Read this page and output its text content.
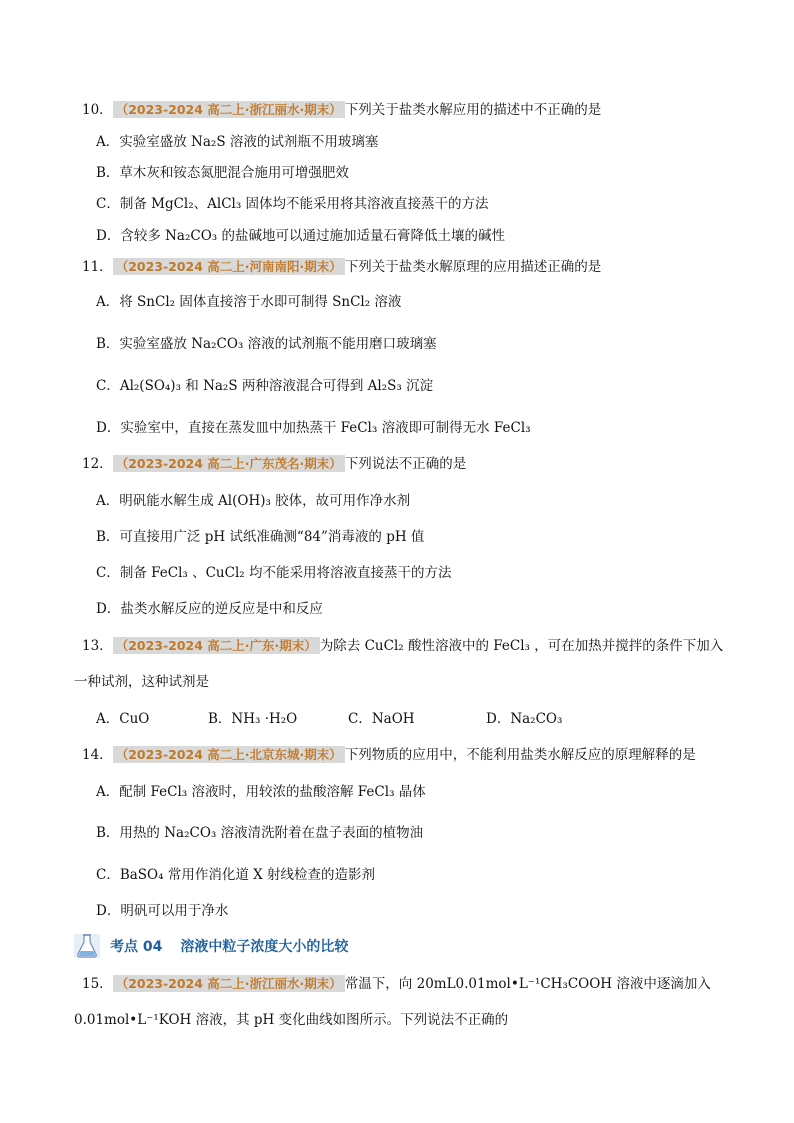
10． （2023-2024 高二上·浙江丽水·期末） 下列关于盐类水解应用的描述中不正确的是
A．实验室盛放 Na₂S 溶液的试剂瓶不用玻璃塞
B．草木灰和铵态氮肥混合施用可增强肥效
C．制备 MgCl₂、AlCl₃ 固体均不能采用将其溶液直接蒸干的方法
D．含较多 Na₂CO₃ 的盐碱地可以通过施加适量石膏降低土壤的碱性
11． （2023-2024 高二上·河南南阳·期末） 下列关于盐类水解原理的应用描述正确的是
A．将 SnCl₂ 固体直接溶于水即可制得 SnCl₂ 溶液
B．实验室盛放 Na₂CO₃ 溶液的试剂瓶不能用磨口玻璃塞
C．Al₂(SO₄)₃ 和 Na₂S 两种溶液混合可得到 Al₂S₃ 沉淀
D．实验室中，直接在蒸发皿中加热蒸干 FeCl₃ 溶液即可制得无水 FeCl₃
12． （2023-2024 高二上·广东茂名·期末） 下列说法不正确的是
A．明矾能水解生成 Al(OH)₃ 胶体，故可用作净水剂
B．可直接用广泛 pH 试纸准确测“84”消毒液的 pH 值
C．制备 FeCl₃ 、CuCl₂ 均不能采用将溶液直接蒸干的方法
D．盐类水解反应的逆反应是中和反应
13． （2023-2024 高二上·广东·期末） 为除去 CuCl₂ 酸性溶液中的 FeCl₃ ，可在加热并搅拌的条件下加入
一种试剂，这种试剂是
A．CuO	B．NH₃ ·H₂O	C．NaOH	D．Na₂CO₃
14． （2023-2024 高二上·北京东城·期末） 下列物质的应用中，不能利用盐类水解反应的原理解释的是
A．配制 FeCl₃ 溶液时，用较浓的盐酸溶解 FeCl₃ 晶体
B．用热的 Na₂CO₃ 溶液清洗附着在盘子表面的植物油
C．BaSO₄ 常用作消化道 X 射线检查的造影剂
D．明矾可以用于净水
考点 04 溶液中粒子浓度大小的比较
15． （2023-2024 高二上·浙江丽水·期末） 常温下，向 20mL0.01mol•L⁻¹CH₃COOH 溶液中逐滴加入
0.01mol•L⁻¹KOH 溶液，其 pH 变化曲线如图所示。下列说法不正确的
